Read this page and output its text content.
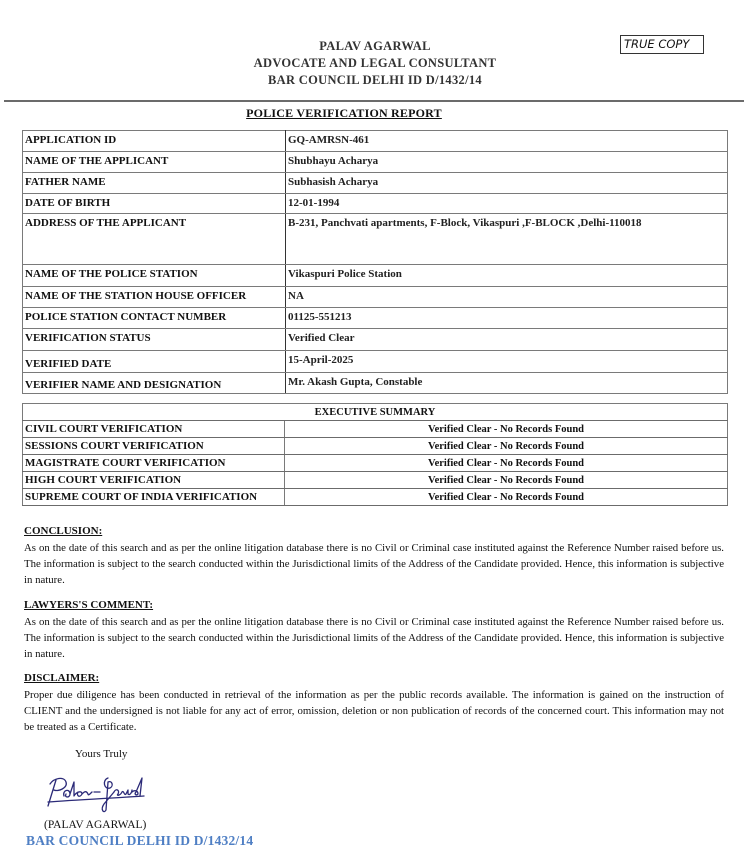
PALAV AGARWAL
ADVOCATE AND LEGAL CONSULTANT
BAR COUNCIL DELHI ID D/1432/14
TRUE COPY
POLICE VERIFICATION REPORT
APPLICATION ID	GQ-AMRSN-461
NAME OF THE APPLICANT	Shubhayu Acharya
FATHER NAME	Subhasish Acharya
DATE OF BIRTH	12-01-1994
ADDRESS OF THE APPLICANT	B-231, Panchvati apartments, F-Block, Vikaspuri ,F-BLOCK ,Delhi-110018
NAME OF THE POLICE STATION	Vikaspuri Police Station
NAME OF THE STATION HOUSE OFFICER	NA
POLICE STATION CONTACT NUMBER	01125-551213
VERIFICATION STATUS	Verified Clear
VERIFIED DATE	15-April-2025
VERIFIER NAME AND DESIGNATION	Mr. Akash Gupta, Constable
EXECUTIVE SUMMARY	
CIVIL COURT VERIFICATION	Verified Clear - No Records Found
SESSIONS COURT VERIFICATION	Verified Clear - No Records Found
MAGISTRATE COURT VERIFICATION	Verified Clear - No Records Found
HIGH COURT VERIFICATION	Verified Clear - No Records Found
SUPREME COURT OF INDIA VERIFICATION	Verified Clear - No Records Found
CONCLUSION:
As on the date of this search and as per the online litigation database there is no Civil or Criminal case instituted against the Reference Number raised before us. The information is subject to the search conducted within the Jurisdictional limits of the Address of the Candidate provided. Hence, this information is subjective in nature.
LAWYERS'S COMMENT:
As on the date of this search and as per the online litigation database there is no Civil or Criminal case instituted against the Reference Number raised before us. The information is subject to the search conducted within the Jurisdictional limits of the Address of the Candidate provided. Hence, this information is subjective in nature.
DISCLAIMER:
Proper due diligence has been conducted in retrieval of the information as per the public records available. The information is gained on the instruction of CLIENT and the undersigned is not liable for any act of error, omission, deletion or non publication of records of the concerned court. This information may not be treated as a Certificate.
Yours Truly
(PALAV AGARWAL)
BAR COUNCIL DELHI ID D/1432/14
